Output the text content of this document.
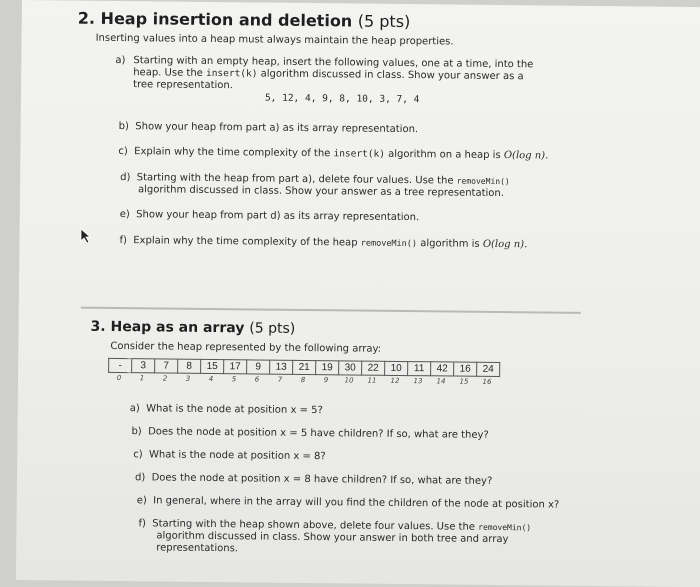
2. Heap insertion and deletion (5 pts)
Inserting values into a heap must always maintain the heap properties.
a) Starting with an empty heap, insert the following values, one at a time, into the
heap. Use the insert(k) algorithm discussed in class. Show your answer as a
tree representation.
5, 12, 4, 9, 8, 10, 3, 7, 4
b) Show your heap from part a) as its array representation.
c) Explain why the time complexity of the insert(k) algorithm on a heap is O(log n).
d) Starting with the heap from part a), delete four values. Use the removeMin()
algorithm discussed in class. Show your answer as a tree representation.
e) Show your heap from part d) as its array representation.
f) Explain why the time complexity of the heap removeMin() algorithm is O(log n).
3. Heap as an array (5 pts)
Consider the heap represented by the following array:
-	3	7	8	15	17	9	13	21	19	30	22	10	11	42	16	24
0	1	2	3	4	5	6	7	8	9	10	11	12	13	14	15	16
a) What is the node at position x = 5?
b) Does the node at position x = 5 have children? If so, what are they?
c) What is the node at position x = 8?
d) Does the node at position x = 8 have children? If so, what are they?
e) In general, where in the array will you find the children of the node at position x?
f) Starting with the heap shown above, delete four values. Use the removeMin()
algorithm discussed in class. Show your answer in both tree and array
representations.
